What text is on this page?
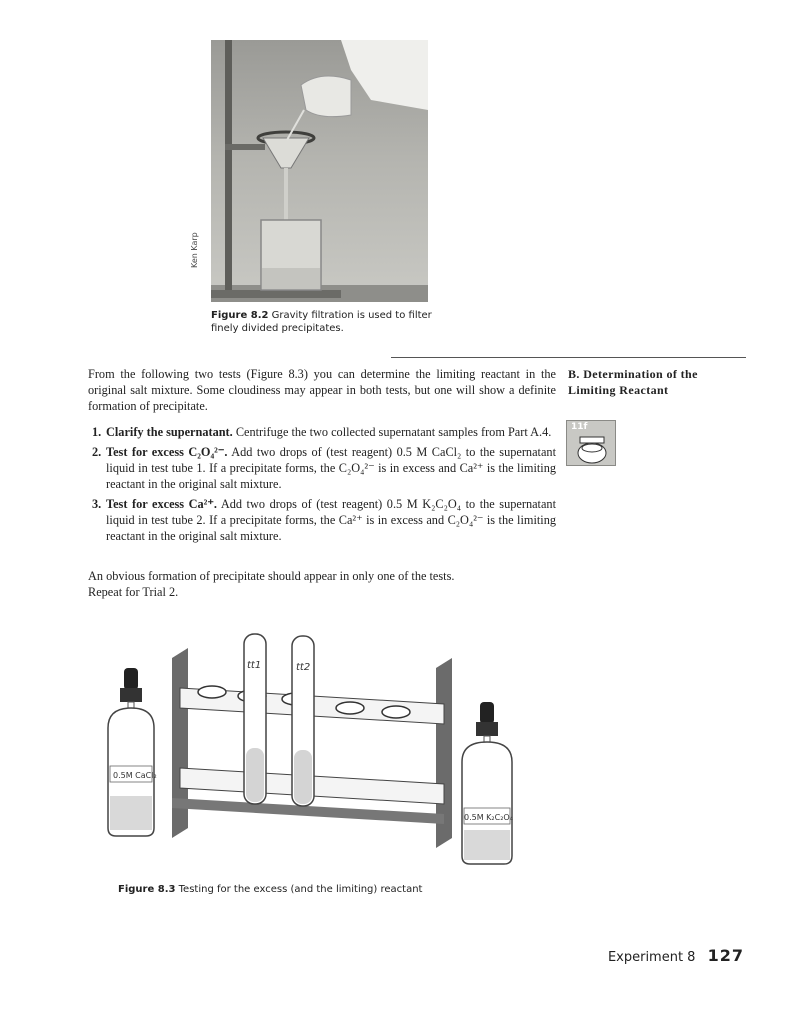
Ken Karp
Figure 8.2 Gravity filtration is used to filter finely divided precipitates.
B. Determination of the Limiting Reactant
11f
From the following two tests (Figure 8.3) you can determine the limiting reactant in the original salt mixture. Some cloudiness may appear in both tests, but one will show a definite formation of precipitate.
1. Clarify the supernatant. Centrifuge the two collected supernatant samples from Part A.4.

2. Test for excess C₂O₄²⁻. Add two drops of (test reagent) 0.5 M CaCl₂ to the supernatant liquid in test tube 1. If a precipitate forms, the C₂O₄²⁻ is in excess and Ca²⁺ is the limiting reactant in the original salt mixture.

3. Test for excess Ca²⁺. Add two drops of (test reagent) 0.5 M K₂C₂O₄ to the supernatant liquid in test tube 2. If a precipitate forms, the Ca²⁺ is in excess and C₂O₄²⁻ is the limiting reactant in the original salt mixture.

An obvious formation of precipitate should appear in only one of the tests.

Repeat for Trial 2.

0.5M CaCl₂
tt1	tt2
0.5M K₂C₂O₄
Figure 8.3 Testing for the excess (and the limiting) reactant
Experiment 8 127
